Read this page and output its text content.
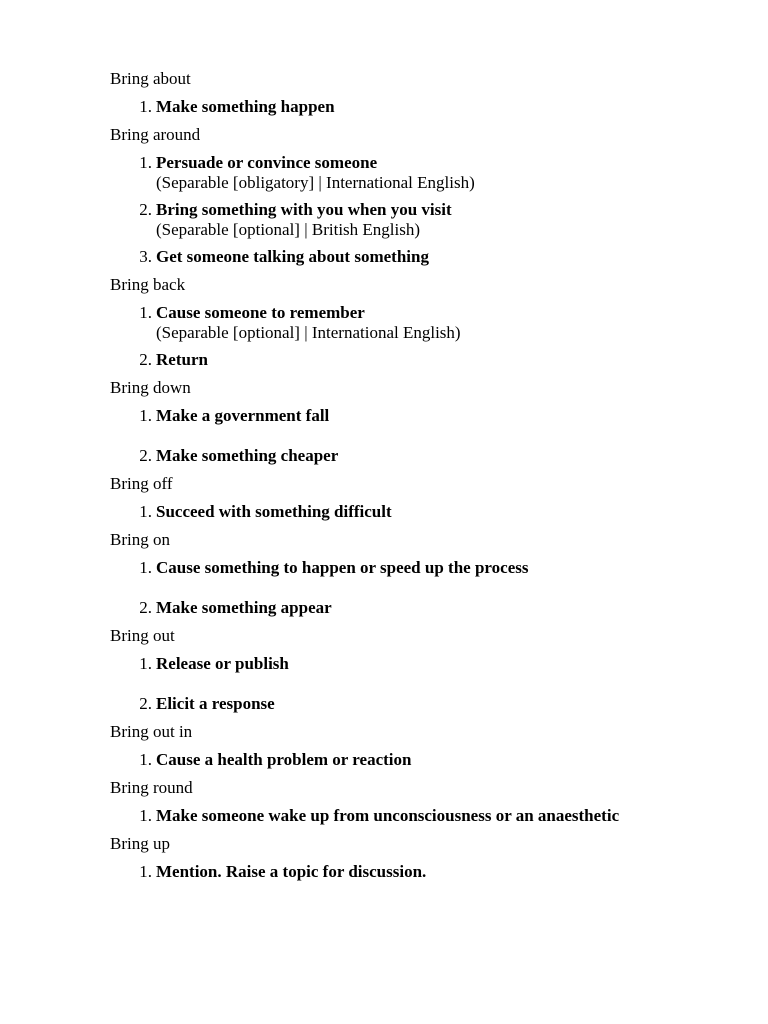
Bring about
1. Make something happen
Bring around
1. Persuade or convince someone
(Separable [obligatory] | International English)
2. Bring something with you when you visit
(Separable [optional] | British English)
3. Get someone talking about something
Bring back
1. Cause someone to remember
(Separable [optional] | International English)
2. Return
Bring down
1. Make a government fall
2. Make something cheaper
Bring off
1. Succeed with something difficult
Bring on
1. Cause something to happen or speed up the process
2. Make something appear
Bring out
1. Release or publish
2. Elicit a response
Bring out in
1. Cause a health problem or reaction
Bring round
1. Make someone wake up from unconsciousness or an anaesthetic
Bring up
1. Mention. Raise a topic for discussion.
